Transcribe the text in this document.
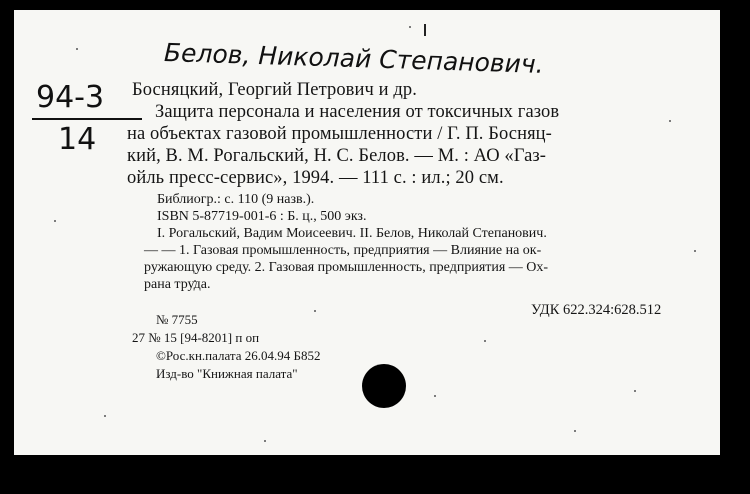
Белов, Николай Степанович.
94-3
14
Босняцкий, Георгий Петрович и др.
Защита персонала и населения от токсичных газов
на объектах газовой промышленности / Г. П. Босняц-
кий, В. М. Рогальский, Н. С. Белов. — М. : АО «Газ-
ойль пресс-сервис», 1994. — 111 с. : ил.; 20 см.
Библиогр.: с. 110 (9 назв.).
ISBN 5-87719-001-6 : Б. ц., 500 экз.
I. Рогальский, Вадим Моисеевич. II. Белов, Николай Степанович.
— — 1. Газовая промышленность, предприятия — Влияние на ок-
ружающую среду. 2. Газовая промышленность, предприятия — Ох-
рана труда.
УДК 622.324:628.512
№ 7755
27 № 15 [94-8201] п оп
©Рос.кн.палата 26.04.94 Б852
Изд-во "Книжная палата"
